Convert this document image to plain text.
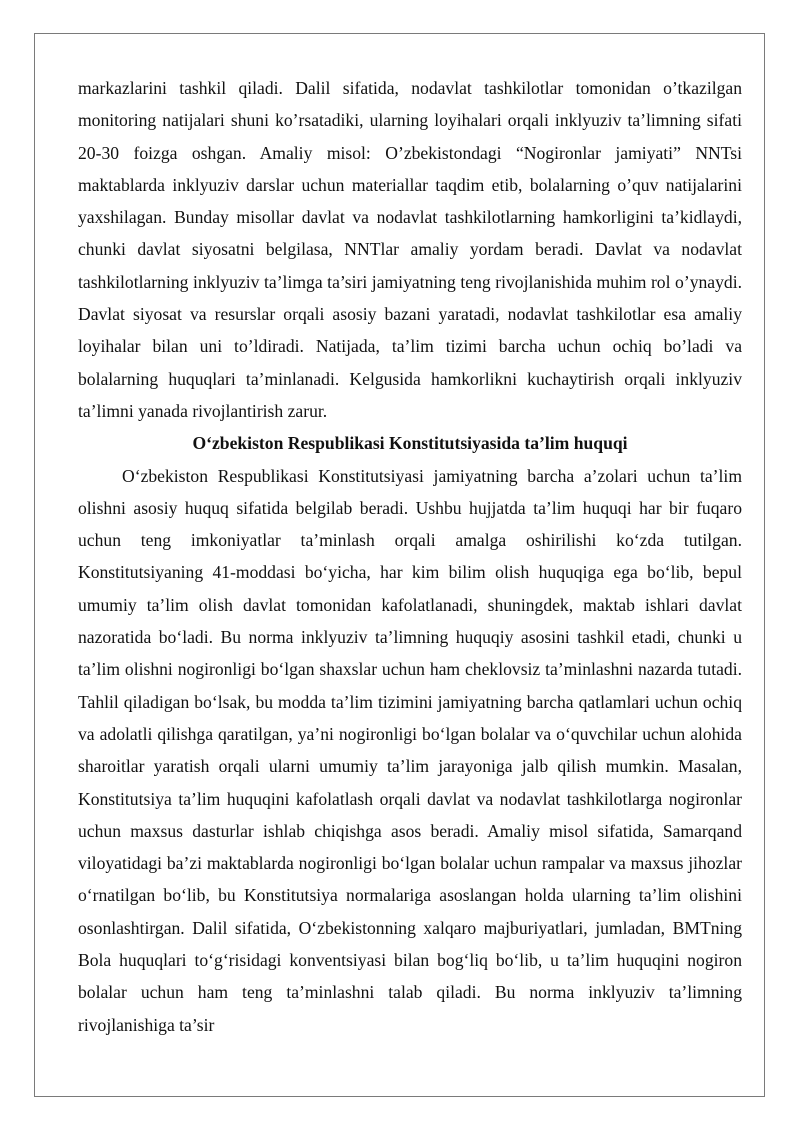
markazlarini tashkil qiladi. Dalil sifatida, nodavlat tashkilotlar tomonidan o’tkazilgan monitoring natijalari shuni ko’rsatadiki, ularning loyihalari orqali inklyuziv ta’limning sifati 20-30 foizga oshgan. Amaliy misol: O’zbekistondagi “Nogironlar jamiyati” NNTsi maktablarda inklyuziv darslar uchun materiallar taqdim etib, bolalarning o’quv natijalarini yaxshilagan. Bunday misollar davlat va nodavlat tashkilotlarning hamkorligini ta’kidlaydi, chunki davlat siyosatni belgilasa, NNTlar amaliy yordam beradi. Davlat va nodavlat tashkilotlarning inklyuziv ta’limga ta’siri jamiyatning teng rivojlanishida muhim rol o’ynaydi. Davlat siyosat va resurslar orqali asosiy bazani yaratadi, nodavlat tashkilotlar esa amaliy loyihalar bilan uni to’ldiradi. Natijada, ta’lim tizimi barcha uchun ochiq bo’ladi va bolalarning huquqlari ta’minlanadi. Kelgusida hamkorlikni kuchaytirish orqali inklyuziv ta’limni yanada rivojlantirish zarur.

O‘zbekiston Respublikasi Konstitutsiyasida ta’lim huquqi

O‘zbekiston Respublikasi Konstitutsiyasi jamiyatning barcha a’zolari uchun ta’lim olishni asosiy huquq sifatida belgilab beradi. Ushbu hujjatda ta’lim huquqi har bir fuqaro uchun teng imkoniyatlar ta’minlash orqali amalga oshirilishi ko‘zda tutilgan. Konstitutsiyaning 41-moddasi bo‘yicha, har kim bilim olish huquqiga ega bo‘lib, bepul umumiy ta’lim olish davlat tomonidan kafolatlanadi, shuningdek, maktab ishlari davlat nazoratida bo‘ladi. Bu norma inklyuziv ta’limning huquqiy asosini tashkil etadi, chunki u ta’lim olishni nogironligi bo‘lgan shaxslar uchun ham cheklovsiz ta’minlashni nazarda tutadi. Tahlil qiladigan bo‘lsak, bu modda ta’lim tizimini jamiyatning barcha qatlamlari uchun ochiq va adolatli qilishga qaratilgan, ya’ni nogironligi bo‘lgan bolalar va o‘quvchilar uchun alohida sharoitlar yaratish orqali ularni umumiy ta’lim jarayoniga jalb qilish mumkin. Masalan, Konstitutsiya ta’lim huquqini kafolatlash orqali davlat va nodavlat tashkilotlarga nogironlar uchun maxsus dasturlar ishlab chiqishga asos beradi. Amaliy misol sifatida, Samarqand viloyatidagi ba’zi maktablarda nogironligi bo‘lgan bolalar uchun rampalar va maxsus jihozlar o‘rnatilgan bo‘lib, bu Konstitutsiya normalariga asoslangan holda ularning ta’lim olishini osonlashtirgan. Dalil sifatida, O‘zbekistonning xalqaro majburiyatlari, jumladan, BMTning Bola huquqlari to‘g‘risidagi konventsiyasi bilan bog‘liq bo‘lib, u ta’lim huquqini nogiron bolalar uchun ham teng ta’minlashni talab qiladi. Bu norma inklyuziv ta’limning rivojlanishiga ta’sir
